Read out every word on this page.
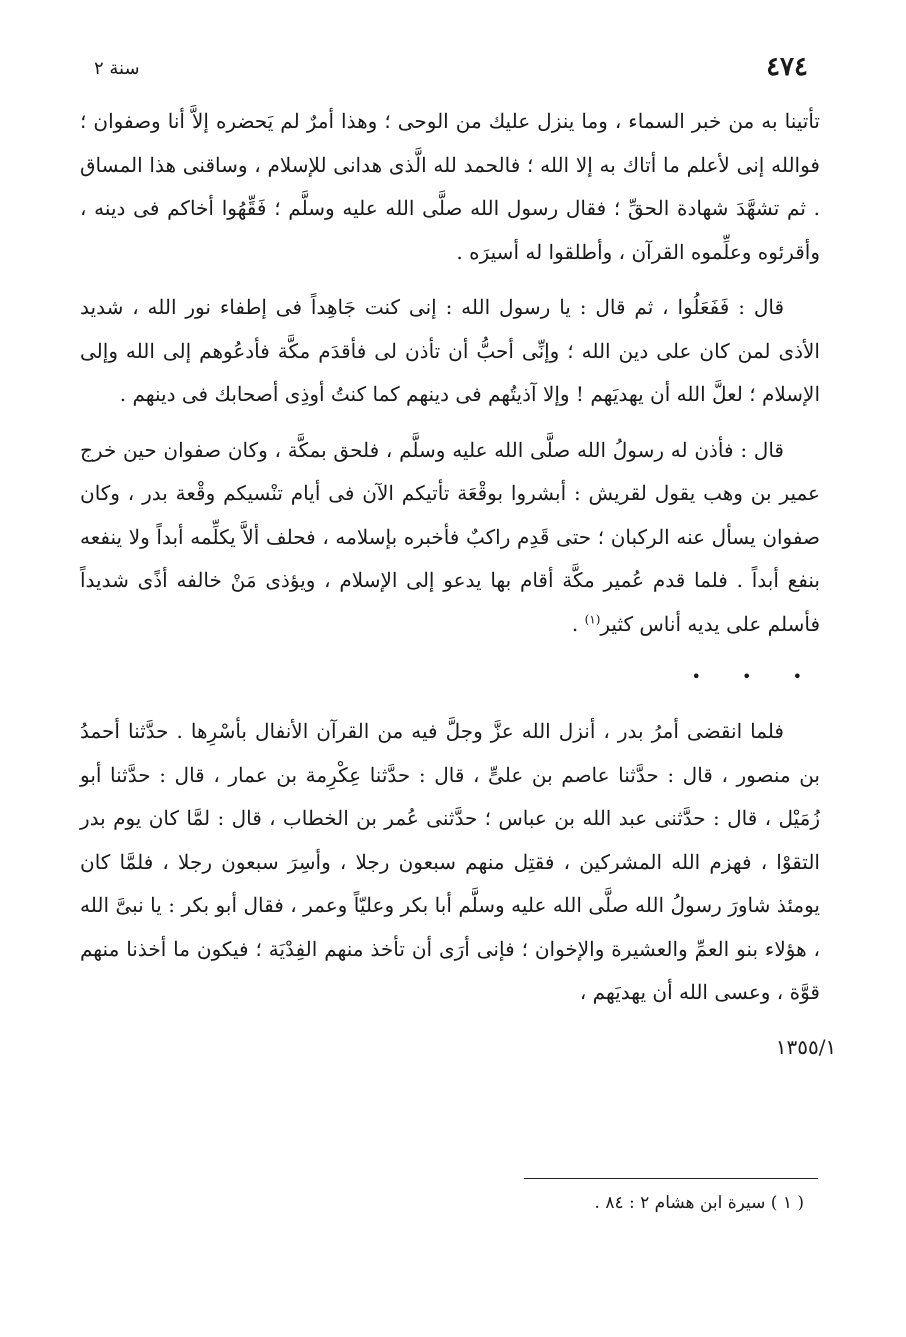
٤٧٤
سنة ٢

تأتينا به من خبر السماء ، وما ينزل عليك من الوحى ؛ وهذا أمرٌ لم يَحضره إلاَّ أنا وصفوان ؛ فوالله إنى لأعلم ما أتاك به إلا الله ؛ فالحمد لله الَّذى هدانى للإسلام ، وساقنى هذا المساق . ثم تشهَّدَ شهادة الحقِّ ؛ فقال رسول الله صلَّى الله عليه وسلَّم ؛ فَقِّهُوا أخاكم فى دينه ، وأقرئوه وعلِّموه القرآن ، وأطلقوا له أسيرَه .

قال : فَفَعَلُوا ، ثم قال : يا رسول الله : إنى كنت جَاهِداً فى إطفاء نور الله ، شديد الأذى لمن كان على دين الله ؛ وإنِّى أحبُّ أن تأذن لى فأقدَم مكَّة فأدعُوهم إلى الله وإلى الإسلام ؛ لعلَّ الله أن يهديَهم ! وإلا آذيتُهم فى دينهم كما كنتُ أوذِى أصحابك فى دينهم .

قال : فأذن له رسولُ الله صلَّى الله عليه وسلَّم ، فلحق بمكَّة ، وكان صفوان حين خرج عمير بن وهب يقول لقريش : أبشروا بوقْعَة تأتيكم الآن فى أيام تنْسيكم وقْعة بدر ، وكان صفوان يسأل عنه الركبان ؛ حتى قَدِم راكبٌ فأخبره بإسلامه ، فحلف ألاَّ يكلِّمه أبداً ولا ينفعه بنفع أبداً . فلما قدم عُمير مكَّة أقام بها يدعو إلى الإسلام ، ويؤذى مَنْ خالفه أذًى شديداً فأسلم على يديه أناس كثير$^{(١)}$ .

• • •

فلما انقضى أمرُ بدر ، أنزل الله عزَّ وجلَّ فيه من القرآن الأنفال بأسْرِها . حدَّثنا أحمدُ بن منصور ، قال : حدَّثنا عاصم بن علىٍّ ، قال : حدَّثنا عِكْرِمة بن عمار ، قال : حدَّثنا أبو زُمَيْل ، قال : حدَّثنى عبد الله بن عباس ؛ حدَّثنى عُمر بن الخطاب ، قال : لمَّا كان يوم بدر التقوْا ، فهزم الله المشركين ، فقتِل منهم سبعون رجلا ، وأسِرَ سبعون رجلا ، فلمَّا كان يومئذ شاورَ رسولُ الله صلَّى الله عليه وسلَّم أبا بكر وعليّاً وعمر ، فقال أبو بكر : يا نبىَّ الله ، هؤلاء بنو العمِّ والعشيرة والإخوان ؛ فإنى أرَى أن تأخذ منهم الفِدْيَة ؛ فيكون ما أخذنا منهم قوَّة ، وعسى الله أن يهديَهم ،

١٣٥٥/١
( ١ ) سيرة ابن هشام ٢ : ٨٤ .
